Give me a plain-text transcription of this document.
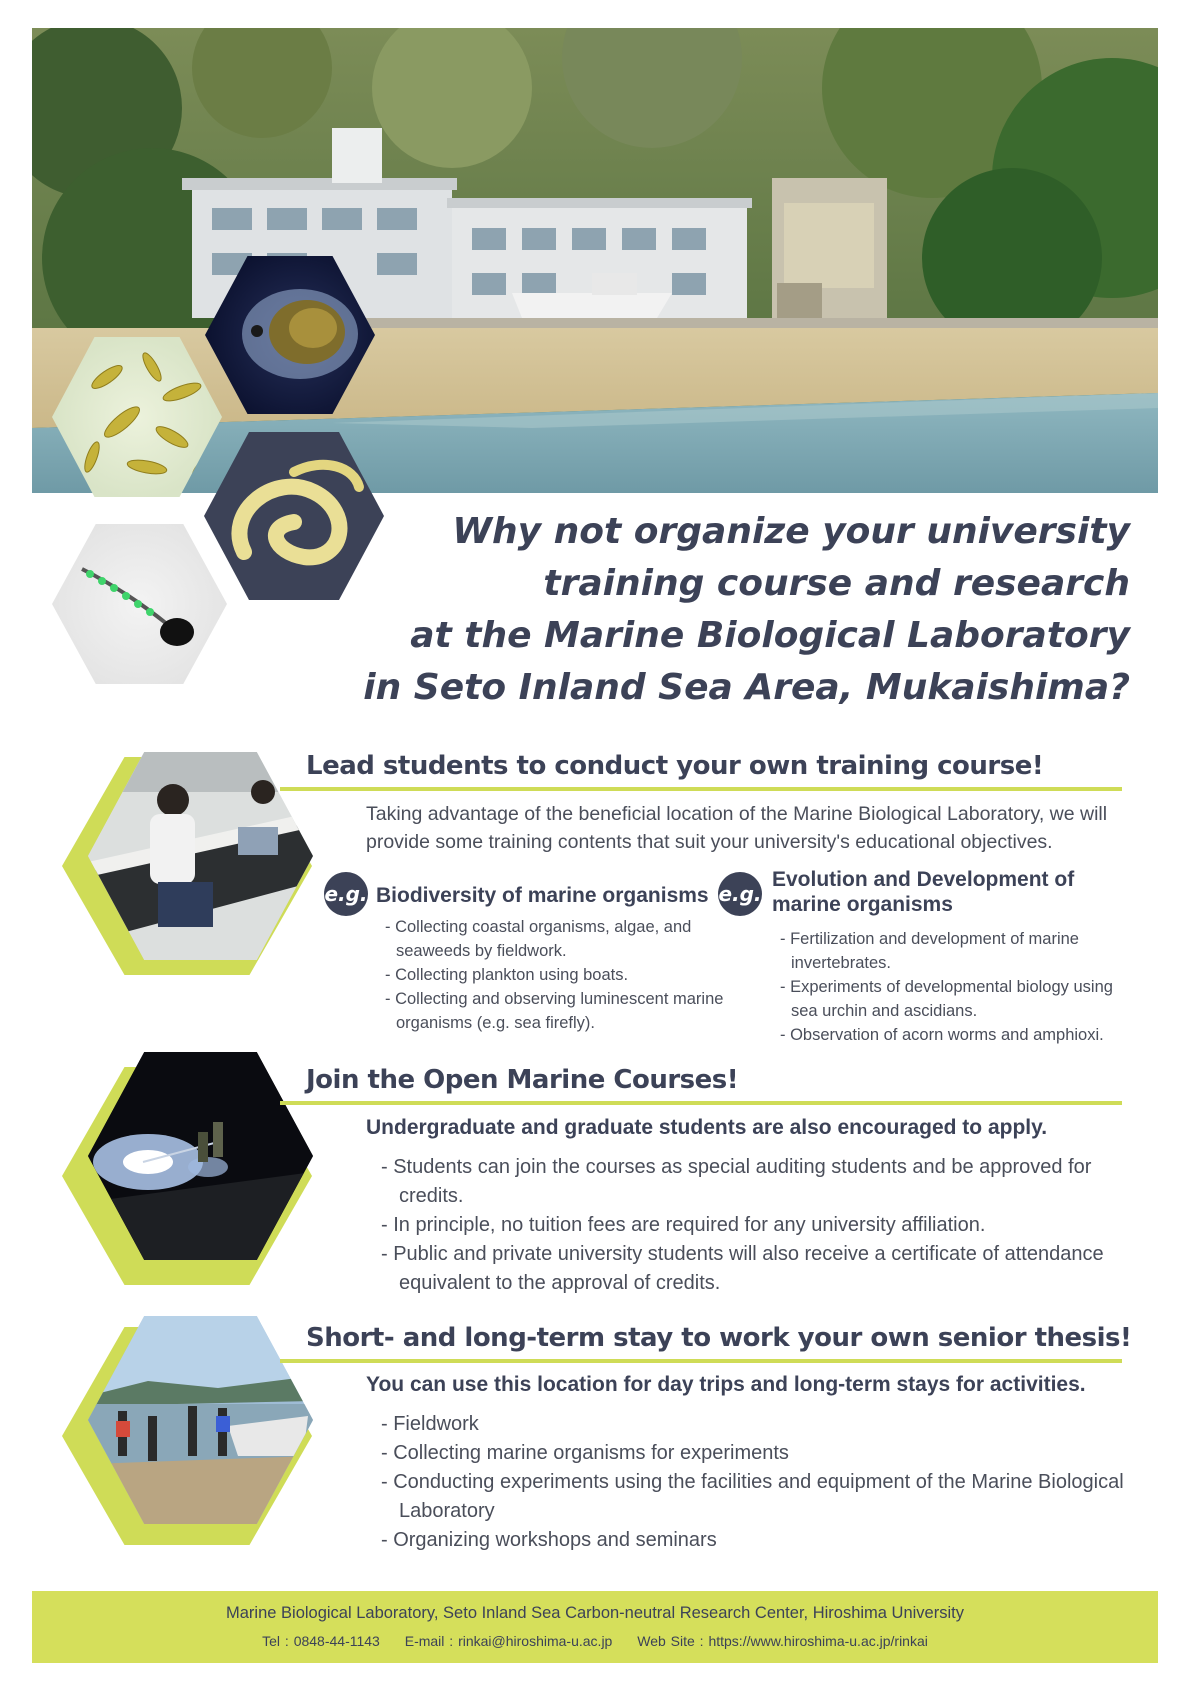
Why not organize your university
training course and research
at the Marine Biological Laboratory
in Seto Inland Sea Area, Mukaishima?
Lead students to conduct your own training course!
Taking advantage of the beneficial location of the Marine Biological Laboratory, we will provide some training contents that suit your university's educational objectives.
e.g. Biodiversity of marine organisms
- Collecting coastal organisms, algae, and seaweeds by fieldwork.
- Collecting plankton using boats.
- Collecting and observing luminescent marine organisms (e.g. sea firefly).
e.g.
Evolution and Development of marine organisms
- Fertilization and development of marine invertebrates.
- Experiments of developmental biology using sea urchin and ascidians.
- Observation of acorn worms and amphioxi.
Join the Open Marine Courses!
Undergraduate and graduate students are also encouraged to apply.
- Students can join the courses as special auditing students and be approved for credits.
- In principle, no tuition fees are required for any university affiliation.
- Public and private university students will also receive a certificate of attendance equivalent to the approval of credits.
Short- and long-term stay to work your own senior thesis!
You can use this location for day trips and long-term stays for activities.
- Fieldwork
- Collecting marine organisms for experiments
- Conducting experiments using the facilities and equipment of the Marine Biological Laboratory
- Organizing workshops and seminars
Marine Biological Laboratory, Seto Inland Sea Carbon-neutral Research Center, Hiroshima University
Tel : 0848-44-1143 E-mail : rinkai@hiroshima-u.ac.jp Web Site : https://www.hiroshima-u.ac.jp/rinkai
